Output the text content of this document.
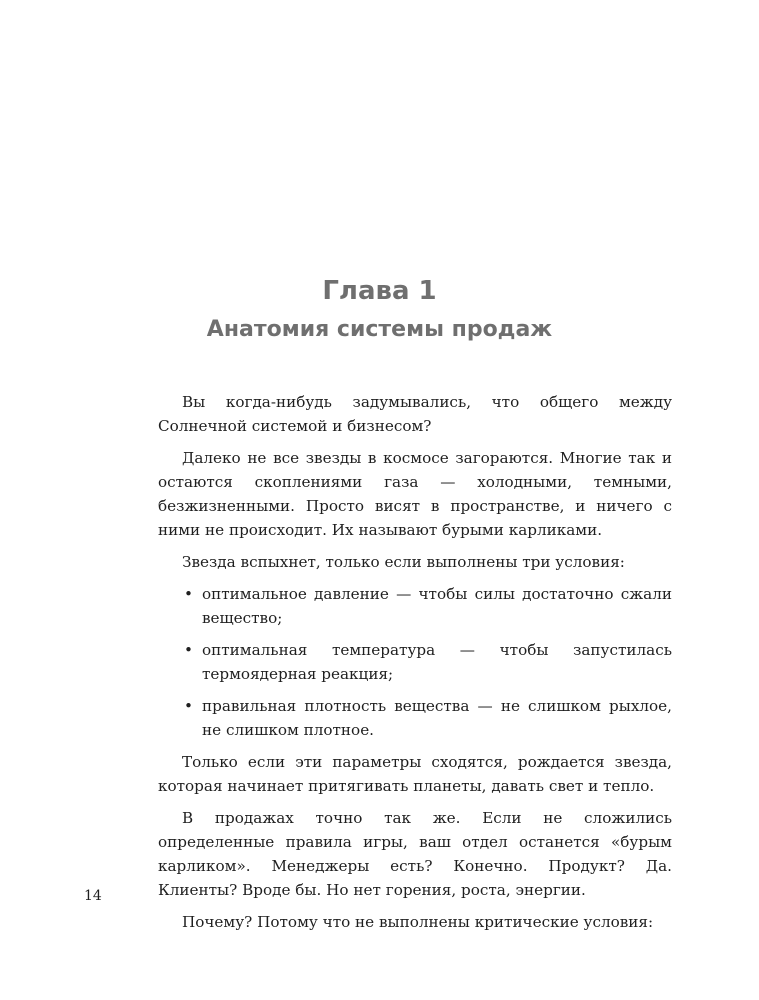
Глава 1
Анатомия системы продаж

Вы когда-нибудь задумывались, что общего между Солнечной системой и бизнесом?

Далеко не все звезды в космосе загораются. Многие так и остаются скоплениями газа — холодными, темными, безжизненными. Просто висят в пространстве, и ничего с ними не происходит. Их называют бурыми карликами.

Звезда вспыхнет, только если выполнены три условия:

• оптимальное давление — чтобы силы достаточно сжали вещество;
• оптимальная температура — чтобы запустилась термоядерная реакция;
• правильная плотность вещества — не слишком рыхлое, не слишком плотное.

Только если эти параметры сходятся, рождается звезда, которая начинает притягивать планеты, давать свет и тепло.

В продажах точно так же. Если не сложились определенные правила игры, ваш отдел останется «бурым карликом». Менеджеры есть? Конечно. Продукт? Да. Клиенты? Вроде бы. Но нет горения, роста, энергии.

Почему? Потому что не выполнены критические условия:

14
